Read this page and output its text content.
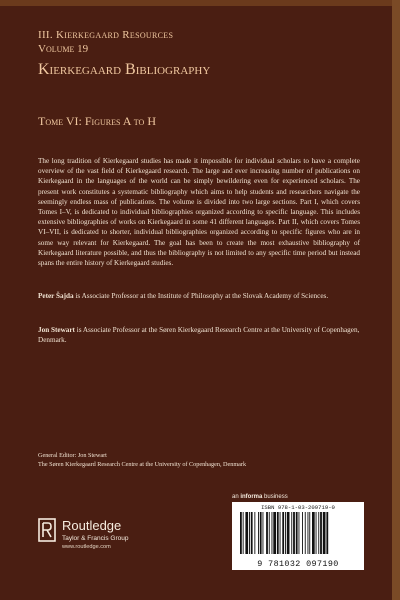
III. Kierkegaard Resources
Volume 19
Kierkegaard Bibliography
Tome VI: Figures A to H
The long tradition of Kierkegaard studies has made it impossible for individual scholars to have a complete overview of the vast field of Kierkegaard research. The large and ever increasing number of publications on Kierkegaard in the languages of the world can be simply bewildering even for experienced scholars. The present work constitutes a systematic bibliography which aims to help students and researchers navigate the seemingly endless mass of publications. The volume is divided into two large sections. Part I, which covers Tomes I–V, is dedicated to individual bibliographies organized according to specific language. This includes extensive bibliographies of works on Kierkegaard in some 41 different languages. Part II, which covers Tomes VI–VII, is dedicated to shorter, individual bibliographies organized according to specific figures who are in some way relevant for Kierkegaard. The goal has been to create the most exhaustive bibliography of Kierkegaard literature possible, and thus the bibliography is not limited to any specific time period but instead spans the entire history of Kierkegaard studies.
Peter Šajda is Associate Professor at the Institute of Philosophy at the Slovak Academy of Sciences.
Jon Stewart is Associate Professor at the Søren Kierkegaard Research Centre at the University of Copenhagen, Denmark.
General Editor: Jon Stewart
The Søren Kierkegaard Research Centre at the University of Copenhagen, Denmark
Routledge
Taylor & Francis Group
www.routledge.com
an informa business
ISBN 978-1-03-209719-0
9 781032 097190
